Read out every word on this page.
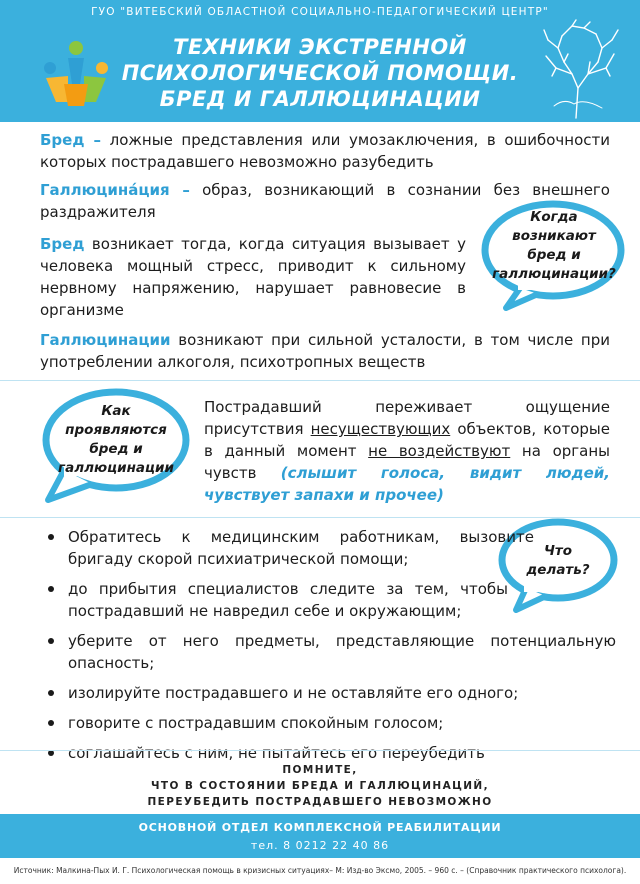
ГУО "ВИТЕБСКИЙ ОБЛАСТНОЙ СОЦИАЛЬНО-ПЕДАГОГИЧЕСКИЙ ЦЕНТР"
ТЕХНИКИ ЭКСТРЕННОЙ
ПСИХОЛОГИЧЕСКОЙ ПОМОЩИ.
БРЕД И ГАЛЛЮЦИНАЦИИ
Бред – ложные представления или умозаключения, в ошибочности которых пострадавшего невозможно разубедить
Галлюцинáция – образ, возникающий в сознании без внешнего раздражителя
Бред возникает тогда, когда ситуация вызывает у человека мощный стресс, приводит к сильному нервному напряжению, нарушает равновесие в организме
Когда
возникают
бред и
галлюцинации?
Галлюцинации возникают при сильной усталости, в том числе при употреблении алкоголя, психотропных веществ
Как
проявляются
бред и
галлюцинации
Пострадавший переживает ощущение присутствия несуществующих объектов, которые в данный момент не воздействуют на органы чувств (слышит голоса, видит людей, чувствует запахи и прочее)
Что
делать?
Обратитесь к медицинским работникам, вызовите бригаду скорой психиатрической помощи;
до прибытия специалистов следите за тем, чтобы пострадавший не навредил себе и окружающим;
уберите от него предметы, представляющие потенциальную опасность;
изолируйте пострадавшего и не оставляйте его одного;
говорите с пострадавшим спокойным голосом;
соглашайтесь с ним, не пытайтесь его переубедить
ПОМНИТЕ,
ЧТО В СОСТОЯНИИ БРЕДА И ГАЛЛЮЦИНАЦИЙ,
ПЕРЕУБЕДИТЬ ПОСТРАДАВШЕГО НЕВОЗМОЖНО
ОСНОВНОЙ ОТДЕЛ КОМПЛЕКСНОЙ РЕАБИЛИТАЦИИ
тел. 8 0212 22 40 86
Источник: Малкина-Пых И. Г. Психологическая помощь в кризисных ситуациях– М: Изд-во Эксмо, 2005. – 960 с. – (Справочник практического психолога).
